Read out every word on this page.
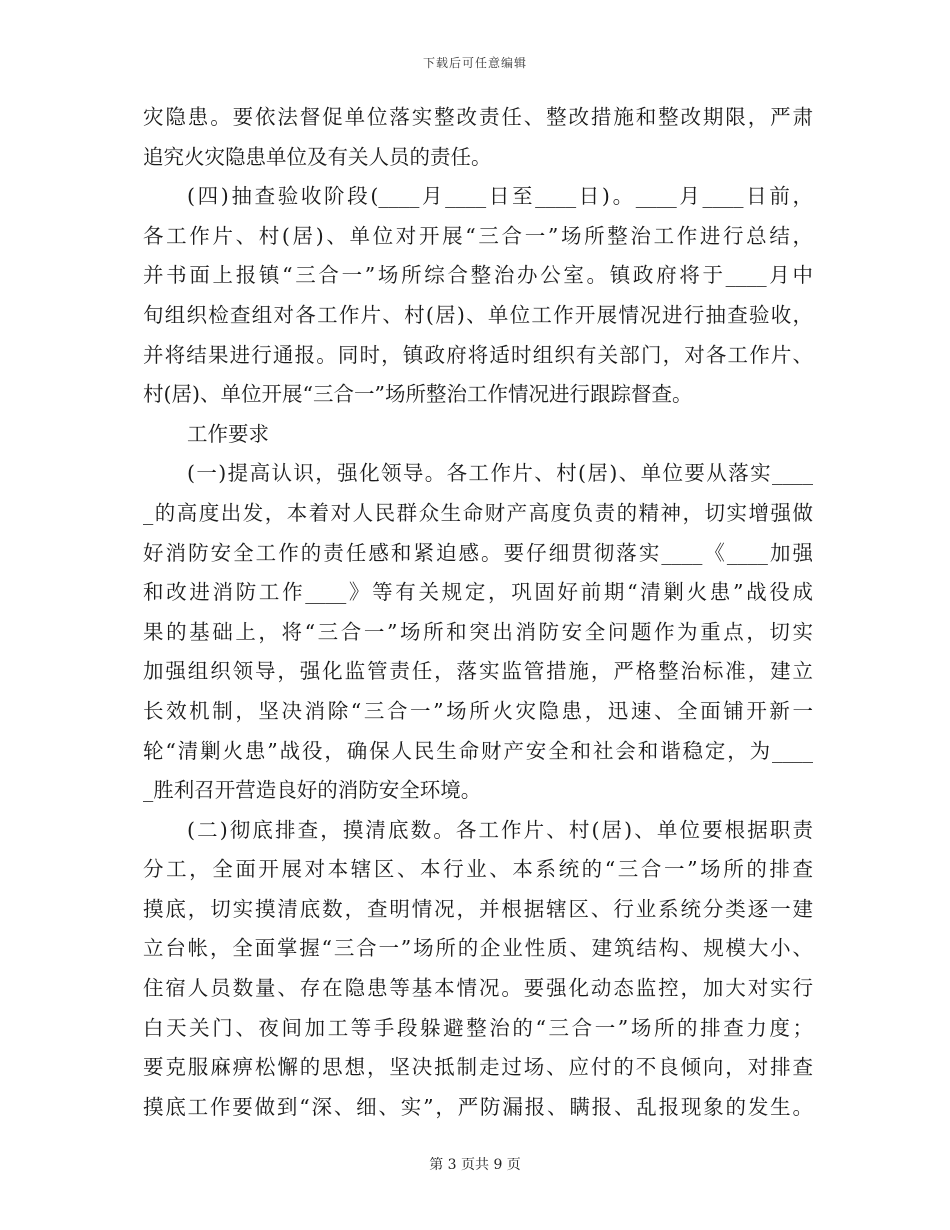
下载后可任意编辑
灾隐患。要依法督促单位落实整改责任、整改措施和整改期限，严肃
追究火灾隐患单位及有关人员的责任。
(四)抽查验收阶段(____月____日至____日)。____月____日前，
各工作片、村(居)、单位对开展“三合一”场所整治工作进行总结，
并书面上报镇“三合一”场所综合整治办公室。镇政府将于____月中
旬组织检查组对各工作片、村(居)、单位工作开展情况进行抽查验收，
并将结果进行通报。同时，镇政府将适时组织有关部门，对各工作片、
村(居)、单位开展“三合一”场所整治工作情况进行跟踪督查。
工作要求
(一)提高认识，强化领导。各工作片、村(居)、单位要从落实____
_的高度出发，本着对人民群众生命财产高度负责的精神，切实增强做
好消防安全工作的责任感和紧迫感。要仔细贯彻落实____《____加强
和改进消防工作____》等有关规定，巩固好前期“清剿火患”战役成
果的基础上，将“三合一”场所和突出消防安全问题作为重点，切实
加强组织领导，强化监管责任，落实监管措施，严格整治标准，建立
长效机制，坚决消除“三合一”场所火灾隐患，迅速、全面铺开新一
轮“清剿火患”战役，确保人民生命财产安全和社会和谐稳定，为____
_胜利召开营造良好的消防安全环境。
(二)彻底排查，摸清底数。各工作片、村(居)、单位要根据职责
分工，全面开展对本辖区、本行业、本系统的“三合一”场所的排查
摸底，切实摸清底数，查明情况，并根据辖区、行业系统分类逐一建
立台帐，全面掌握“三合一”场所的企业性质、建筑结构、规模大小、
住宿人员数量、存在隐患等基本情况。要强化动态监控，加大对实行
白天关门、夜间加工等手段躲避整治的“三合一”场所的排查力度；
要克服麻痹松懈的思想，坚决抵制走过场、应付的不良倾向，对排查
摸底工作要做到“深、细、实”，严防漏报、瞒报、乱报现象的发生。
第 3 页共 9 页
